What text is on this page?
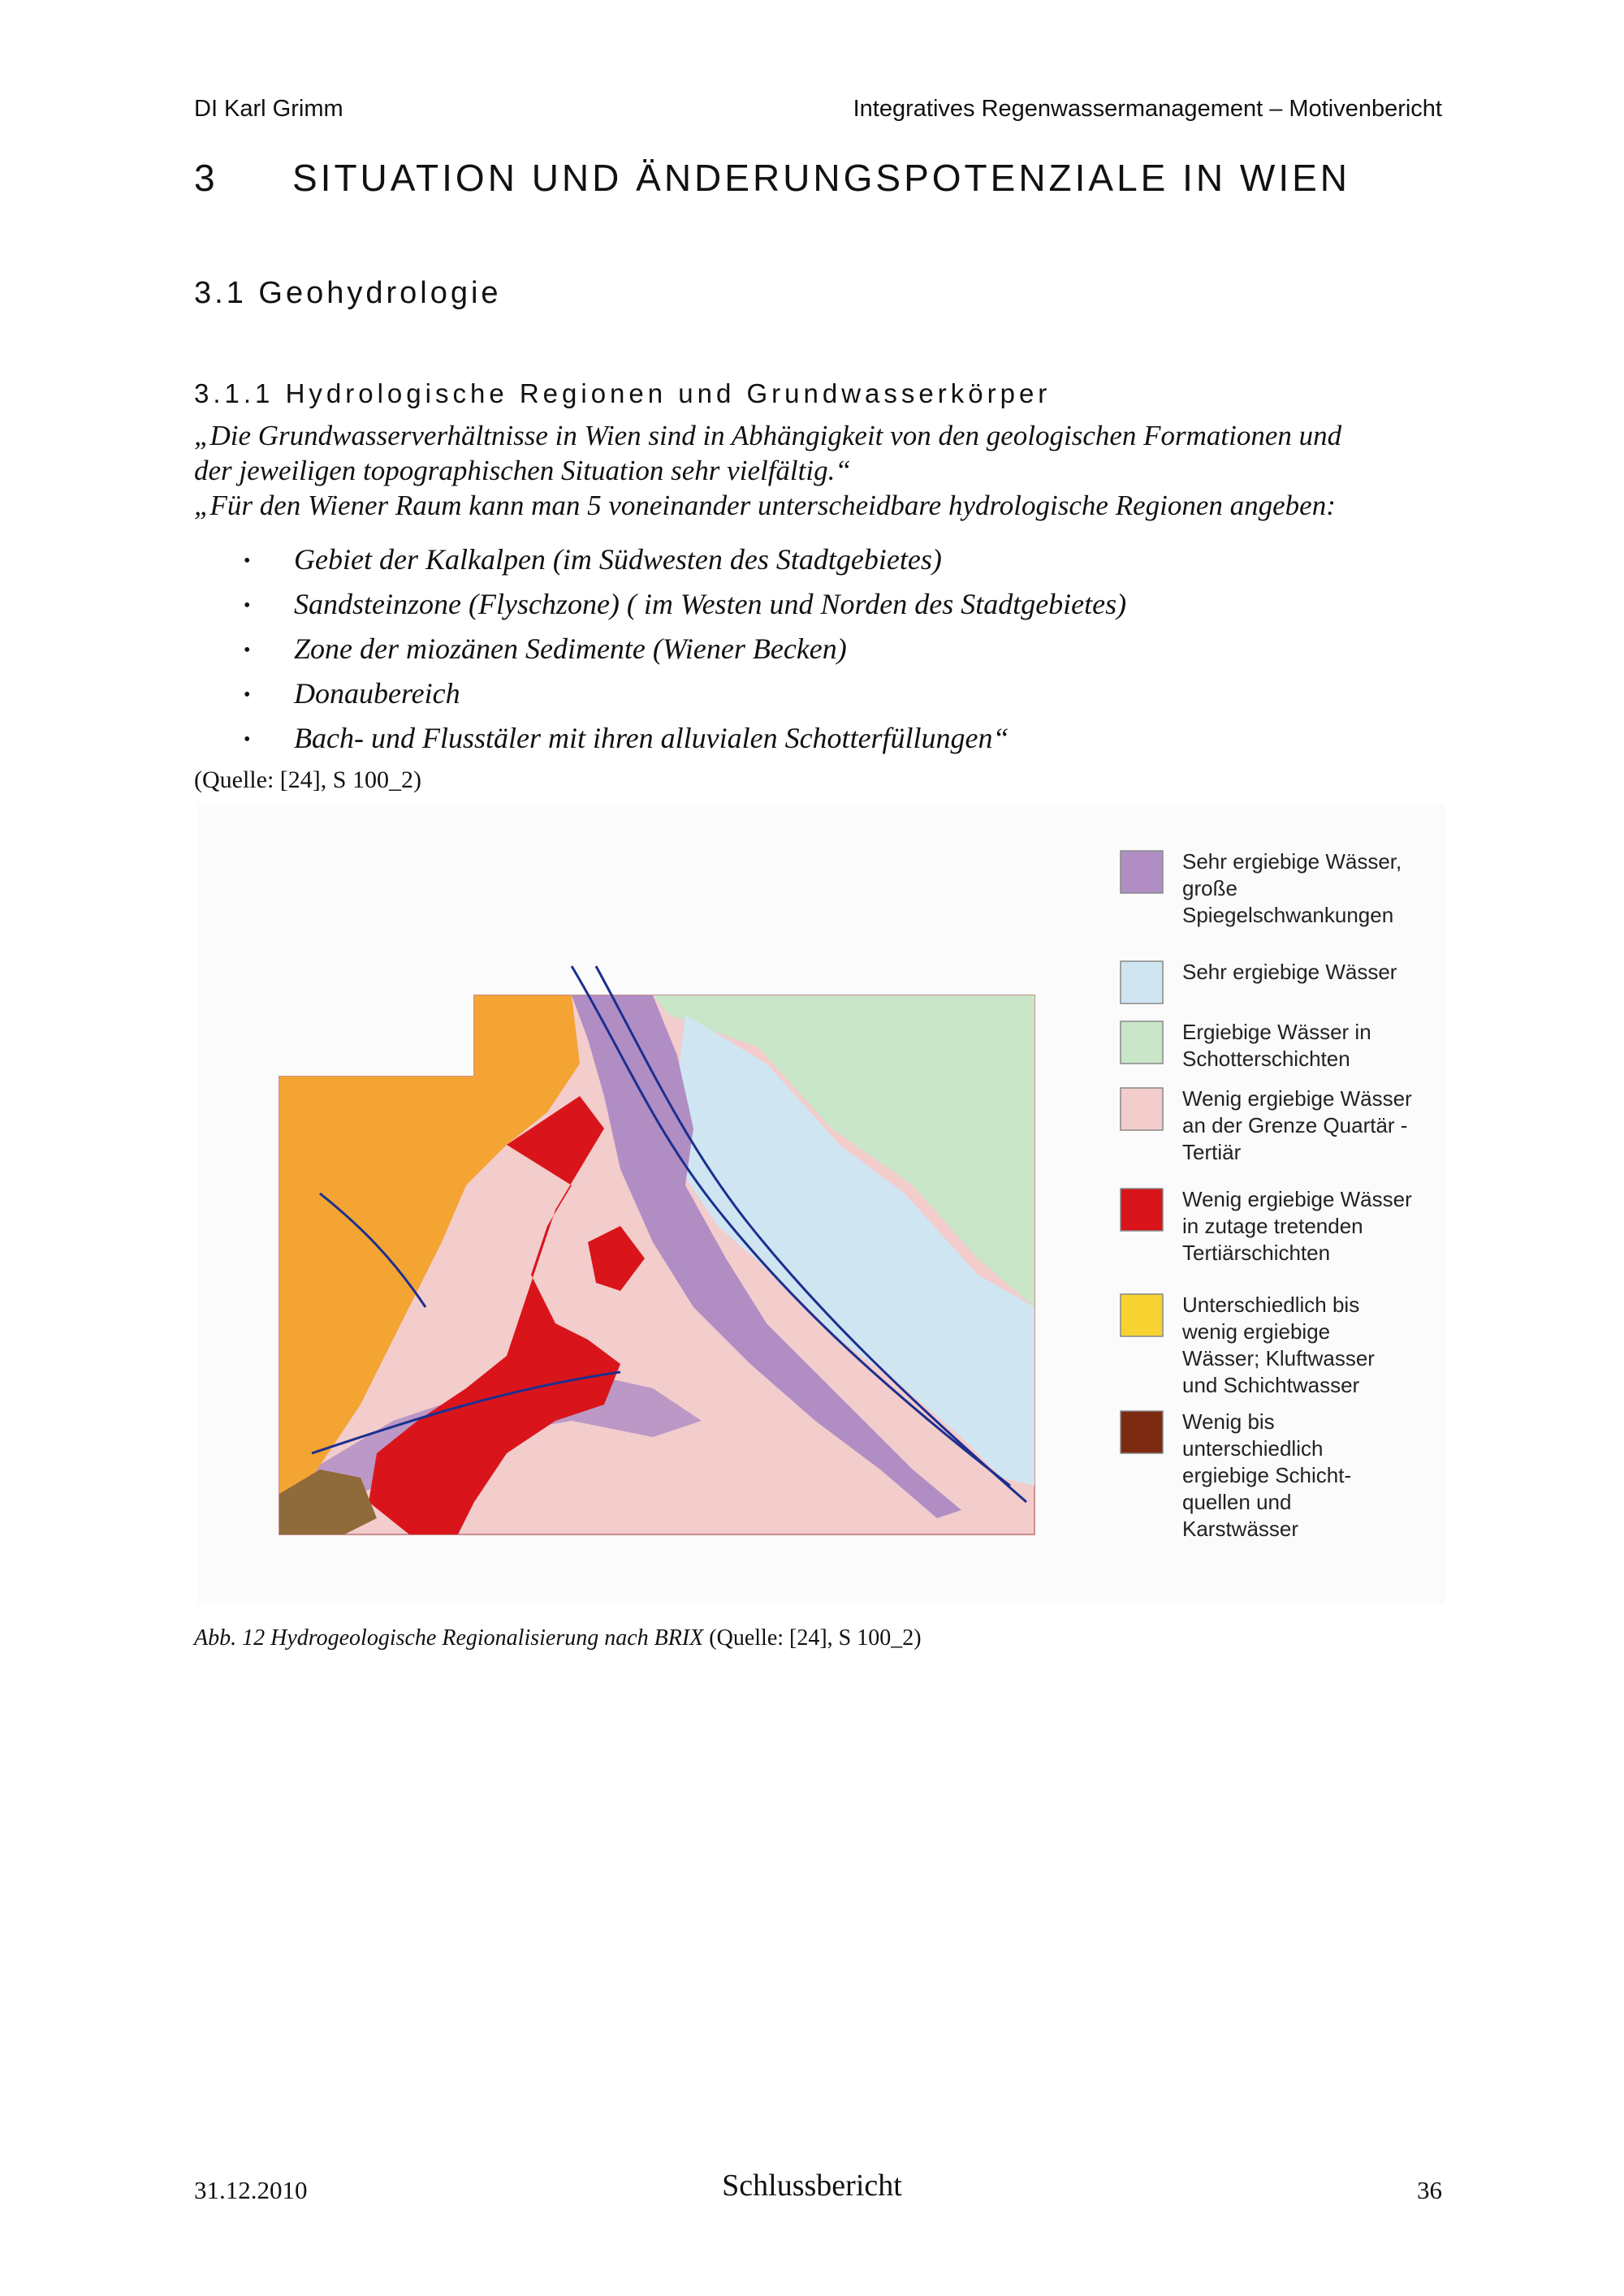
DI Karl Grimm	Integratives Regenwassermanagement – Motivenbericht
3 SITUATION UND ÄNDERUNGSPOTENZIALE IN WIEN
3.1 Geohydrologie
3.1.1 Hydrologische Regionen und Grundwasserkörper
„Die Grundwasserverhältnisse in Wien sind in Abhängigkeit von den geologischen Formationen und
der jeweiligen topographischen Situation sehr vielfältig.“
„Für den Wiener Raum kann man 5 voneinander unterscheidbare hydrologische Regionen angeben:
• Gebiet der Kalkalpen (im Südwesten des Stadtgebietes)
• Sandsteinzone (Flyschzone) ( im Westen und Norden des Stadtgebietes)
• Zone der miozänen Sedimente (Wiener Becken)
• Donaubereich
• Bach- und Flusstäler mit ihren alluvialen Schotterfüllungen“
(Quelle: [24], S 100_2)
Sehr ergiebige Wässer,
große
Spiegelschwankungen
Sehr ergiebige Wässer
Ergiebige Wässer in
Schotterschichten
Wenig ergiebige Wässer
an der Grenze Quartär -
Tertiär
Wenig ergiebige Wässer
in zutage tretenden
Tertiärschichten
Unterschiedlich bis
wenig ergiebige
Wässer; Kluftwasser
und Schichtwasser
Wenig bis
unterschiedlich
ergiebige Schicht-
quellen und
Karstwässer
Abb. 12 Hydrogeologische Regionalisierung nach BRIX (Quelle: [24], S 100_2)
31.12.2010	Schlussbericht	36
